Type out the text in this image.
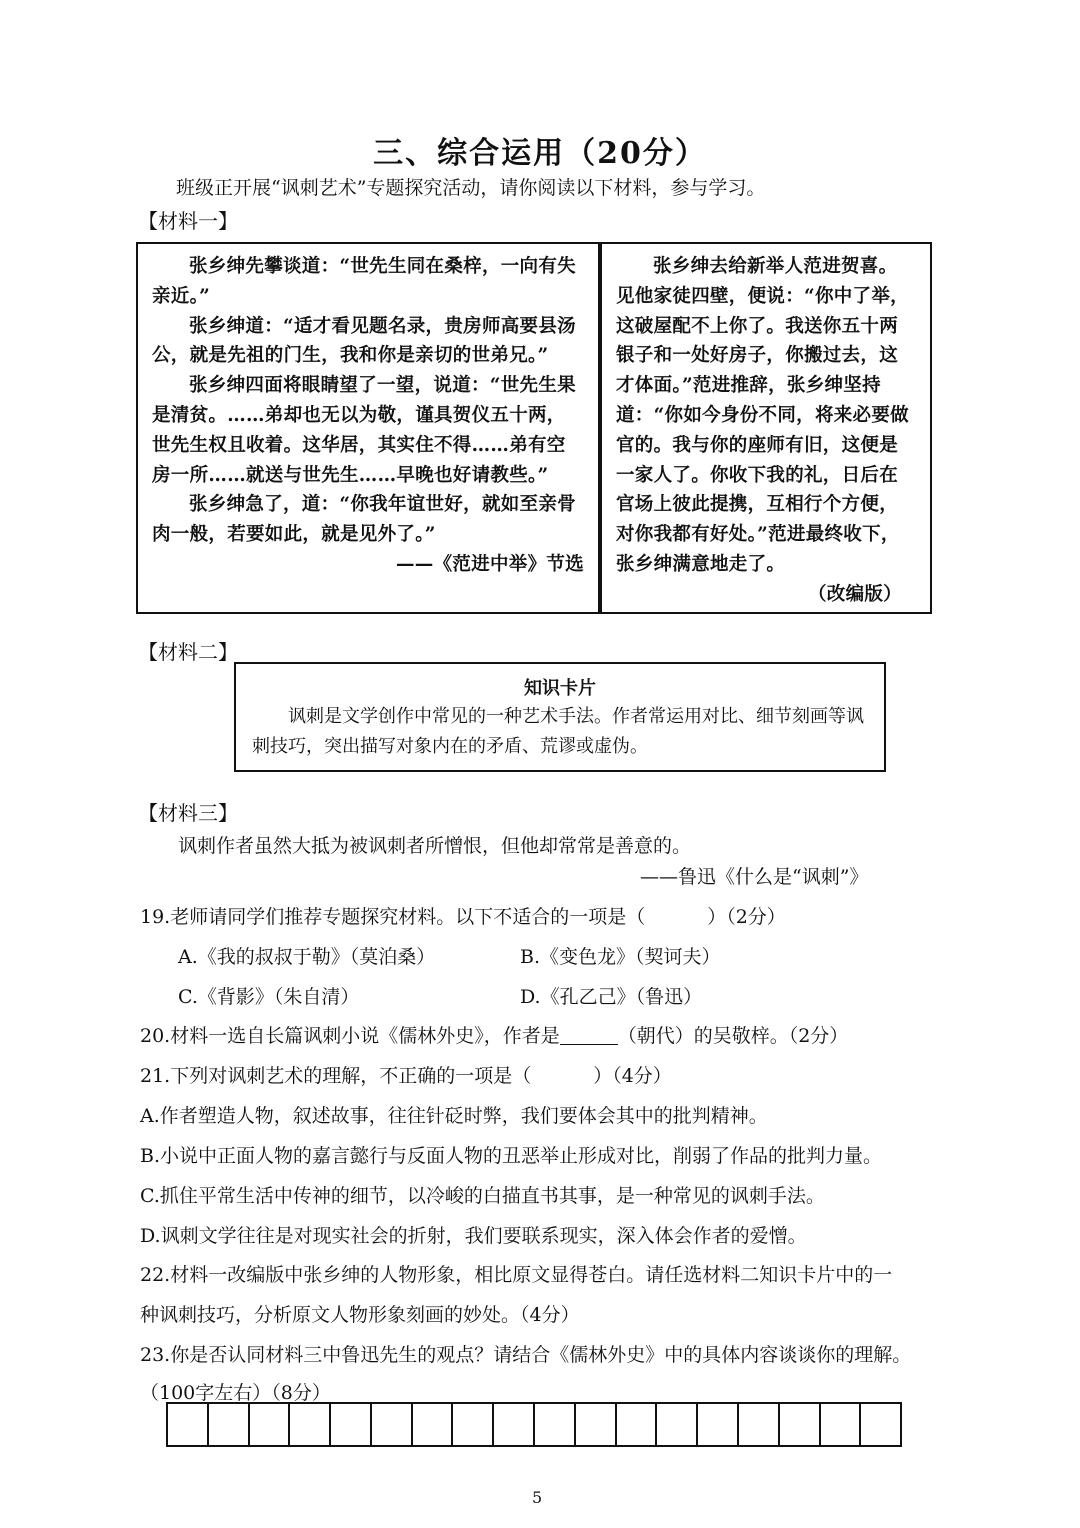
三、综合运用（20分）
班级正开展“讽刺艺术”专题探究活动，请你阅读以下材料，参与学习。
【材料一】

张乡绅先攀谈道：“世先生同在桑梓，一向有失亲近。”

张乡绅道：“适才看见题名录，贵房师高要县汤公，就是先祖的门生，我和你是亲切的世弟兄。”

张乡绅四面将眼睛望了一望，说道：“世先生果是清贫。……弟却也无以为敬，谨具贺仪五十两，世先生权且收着。这华居，其实住不得……弟有空房一所……就送与世先生……早晚也好请教些。”

张乡绅急了，道：“你我年谊世好，就如至亲骨肉一般，若要如此，就是见外了。”

——《范进中举》节选

张乡绅去给新举人范进贺喜。见他家徒四壁，便说：“你中了举，这破屋配不上你了。我送你五十两银子和一处好房子，你搬过去，这才体面。”范进推辞，张乡绅坚持道：“你如今身份不同，将来必要做官的。我与你的座师有旧，这便是一家人了。你收下我的礼，日后在官场上彼此提携，互相行个方便，对你我都有好处。”范进最终收下，张乡绅满意地走了。

（改编版）

【材料二】
知识卡片
讽刺是文学创作中常见的一种艺术手法。作者常运用对比、细节刻画等讽刺技巧，突出描写对象内在的矛盾、荒谬或虚伪。
【材料三】
讽刺作者虽然大抵为被讽刺者所憎恨，但他却常常是善意的。
——鲁迅《什么是“讽刺”》
19.老师请同学们推荐专题探究材料。以下不适合的一项是（	）（2分）
A.《我的叔叔于勒》（莫泊桑）	B.《变色龙》（契诃夫）
C.《背影》（朱自清）	D.《孔乙己》（鲁迅）
20.材料一选自长篇讽刺小说《儒林外史》，作者是	（朝代）的吴敬梓。（2分）
21.下列对讽刺艺术的理解，不正确的一项是（	）（4分）
A.作者塑造人物，叙述故事，往往针砭时弊，我们要体会其中的批判精神。
B.小说中正面人物的嘉言懿行与反面人物的丑恶举止形成对比，削弱了作品的批判力量。
C.抓住平常生活中传神的细节，以冷峻的白描直书其事，是一种常见的讽刺手法。
D.讽刺文学往往是对现实社会的折射，我们要联系现实，深入体会作者的爱憎。
22.材料一改编版中张乡绅的人物形象，相比原文显得苍白。请任选材料二知识卡片中的一
种讽刺技巧，分析原文人物形象刻画的妙处。（4分）
23.你是否认同材料三中鲁迅先生的观点？请结合《儒林外史》中的具体内容谈谈你的理解。
（100字左右）（8分）
5
